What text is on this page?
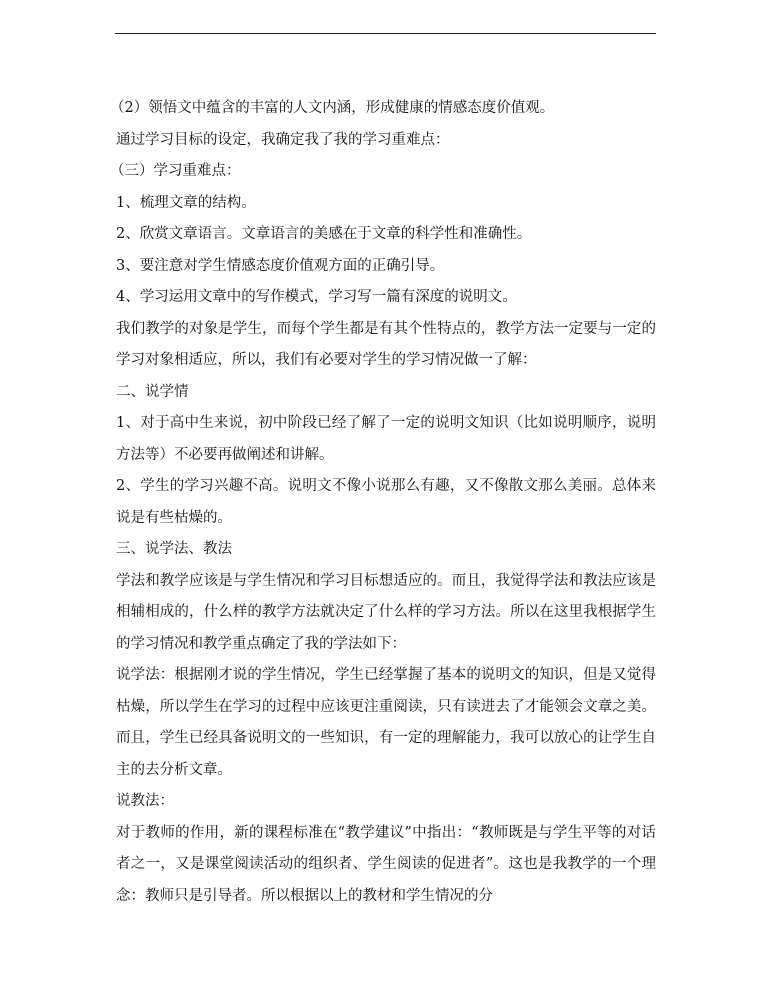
（2）领悟文中蕴含的丰富的人文内涵，形成健康的情感态度价值观。

通过学习目标的设定，我确定我了我的学习重难点：

（三）学习重难点：

1、梳理文章的结构。

2、欣赏文章语言。文章语言的美感在于文章的科学性和准确性。

3、要注意对学生情感态度价值观方面的正确引导。

4、学习运用文章中的写作模式，学习写一篇有深度的说明文。

我们教学的对象是学生，而每个学生都是有其个性特点的，教学方法一定要与一定的学习对象相适应，所以，我们有必要对学生的学习情况做一了解：

二、说学情

1、对于高中生来说，初中阶段已经了解了一定的说明文知识（比如说明顺序，说明方法等）不必要再做阐述和讲解。

2、学生的学习兴趣不高。说明文不像小说那么有趣，又不像散文那么美丽。总体来说是有些枯燥的。

三、说学法、教法

学法和教学应该是与学生情况和学习目标想适应的。而且，我觉得学法和教法应该是相辅相成的，什么样的教学方法就决定了什么样的学习方法。所以在这里我根据学生的学习情况和教学重点确定了我的学法如下：

说学法：根据刚才说的学生情况，学生已经掌握了基本的说明文的知识，但是又觉得枯燥，所以学生在学习的过程中应该更注重阅读，只有读进去了才能领会文章之美。而且，学生已经具备说明文的一些知识，有一定的理解能力，我可以放心的让学生自主的去分析文章。

说教法：

对于教师的作用，新的课程标准在“教学建议”中指出：“教师既是与学生平等的对话者之一，又是课堂阅读活动的组织者、学生阅读的促进者”。这也是我教学的一个理念：教师只是引导者。所以根据以上的教材和学生情况的分
